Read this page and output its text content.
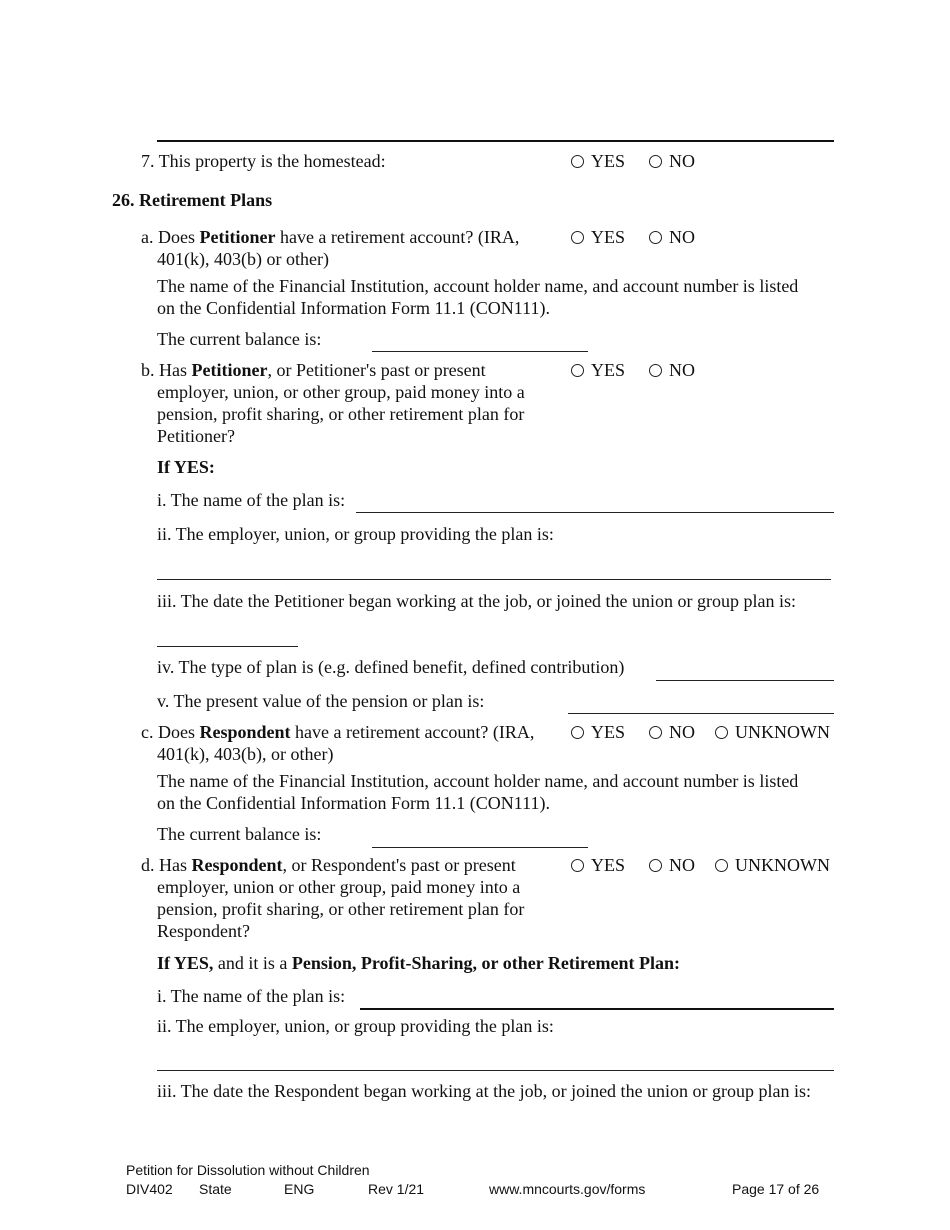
7. This property is the homestead:	YES NO
26. Retirement Plans
a. Does Petitioner have a retirement account? (IRA,
401(k), 403(b) or other)
YES NO
The name of the Financial Institution, account holder name, and account number is listed
on the Confidential Information Form 11.1 (CON111).
The current balance is:
b. Has Petitioner, or Petitioner's past or present
employer, union, or other group, paid money into a
pension, profit sharing, or other retirement plan for
Petitioner?
YES NO
If YES:
i. The name of the plan is:
ii. The employer, union, or group providing the plan is:
iii. The date the Petitioner began working at the job, or joined the union or group plan is:
iv. The type of plan is (e.g. defined benefit, defined contribution)
v. The present value of the pension or plan is:
c. Does Respondent have a retirement account? (IRA,
401(k), 403(b), or other)
YES NO UNKNOWN
The name of the Financial Institution, account holder name, and account number is listed
on the Confidential Information Form 11.1 (CON111).
The current balance is:
d. Has Respondent, or Respondent's past or present
employer, union or other group, paid money into a
pension, profit sharing, or other retirement plan for
Respondent?
YES NO UNKNOWN
If YES, and it is a Pension, Profit-Sharing, or other Retirement Plan:
i. The name of the plan is:
ii. The employer, union, or group providing the plan is:
iii. The date the Respondent began working at the job, or joined the union or group plan is:
Petition for Dissolution without Children
DIV402 State	ENG	Rev 1/21	www.mncourts.gov/forms	Page 17 of 26
